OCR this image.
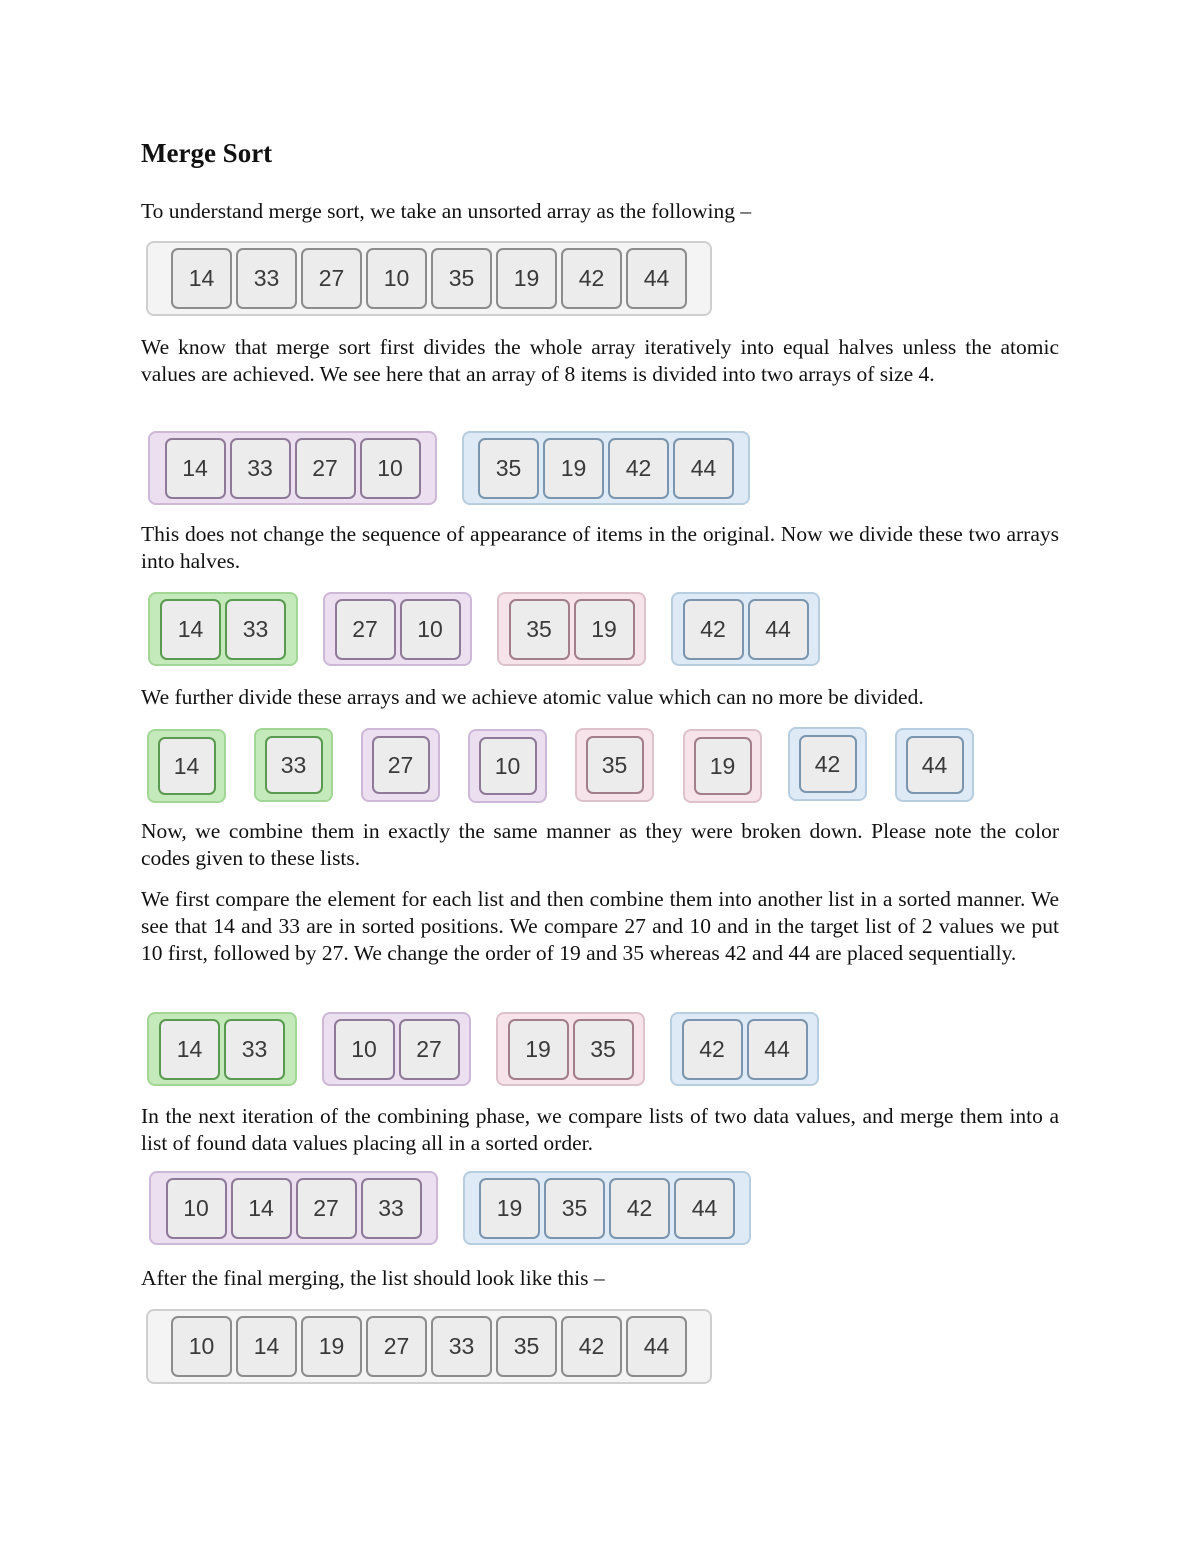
Merge Sort

To understand merge sort, we take an unsorted array as the following –

14	33	27	10	35	19	42	44

We know that merge sort first divides the whole array iteratively into equal halves unless the atomic values are achieved. We see here that an array of 8 items is divided into two arrays of size 4.

14	33	27	10	35	19	42	44

This does not change the sequence of appearance of items in the original. Now we divide these two arrays into halves.

14	33	27	10	35	19	42	44

We further divide these arrays and we achieve atomic value which can no more be divided.

14	33	27	10	35	19	42	44

Now, we combine them in exactly the same manner as they were broken down. Please note the color codes given to these lists.

We first compare the element for each list and then combine them into another list in a sorted manner. We see that 14 and 33 are in sorted positions. We compare 27 and 10 and in the target list of 2 values we put 10 first, followed by 27. We change the order of 19 and 35 whereas 42 and 44 are placed sequentially.

14	33	10	27	19	35	42	44

In the next iteration of the combining phase, we compare lists of two data values, and merge them into a list of found data values placing all in a sorted order.

10	14	27	33	19	35	42	44

After the final merging, the list should look like this –

10	14	19	27	33	35	42	44
